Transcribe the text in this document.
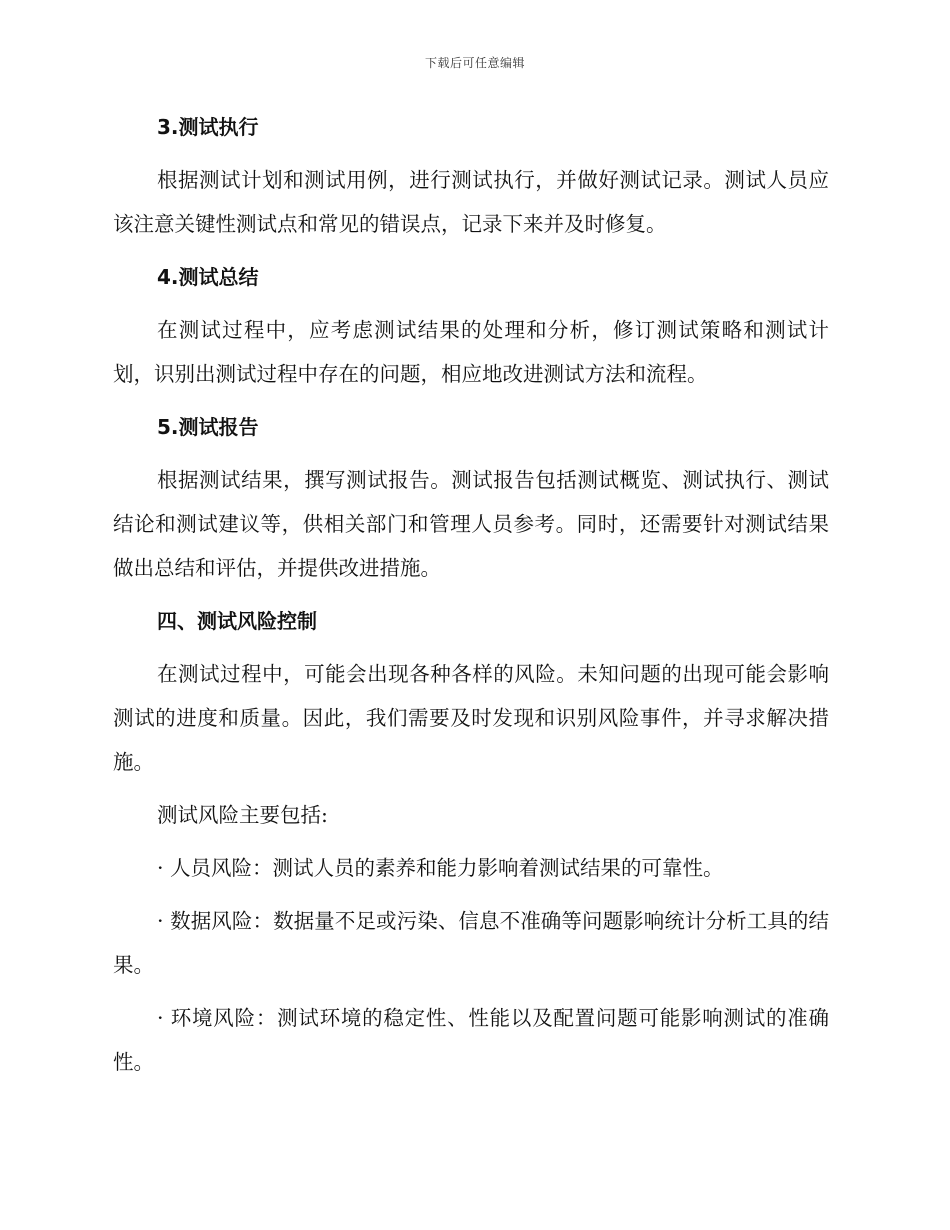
下载后可任意编辑
3.测试执行

根据测试计划和测试用例，进行测试执行，并做好测试记录。测试人员应该注意关键性测试点和常见的错误点，记录下来并及时修复。

4.测试总结

在测试过程中，应考虑测试结果的处理和分析，修订测试策略和测试计划，识别出测试过程中存在的问题，相应地改进测试方法和流程。

5.测试报告

根据测试结果，撰写测试报告。测试报告包括测试概览、测试执行、测试结论和测试建议等，供相关部门和管理人员参考。同时，还需要针对测试结果做出总结和评估，并提供改进措施。

四、测试风险控制

在测试过程中，可能会出现各种各样的风险。未知问题的出现可能会影响测试的进度和质量。因此，我们需要及时发现和识别风险事件，并寻求解决措施。

测试风险主要包括:

· 人员风险：测试人员的素养和能力影响着测试结果的可靠性。

· 数据风险：数据量不足或污染、信息不准确等问题影响统计分析工具的结果。

· 环境风险：测试环境的稳定性、性能以及配置问题可能影响测试的准确性。
